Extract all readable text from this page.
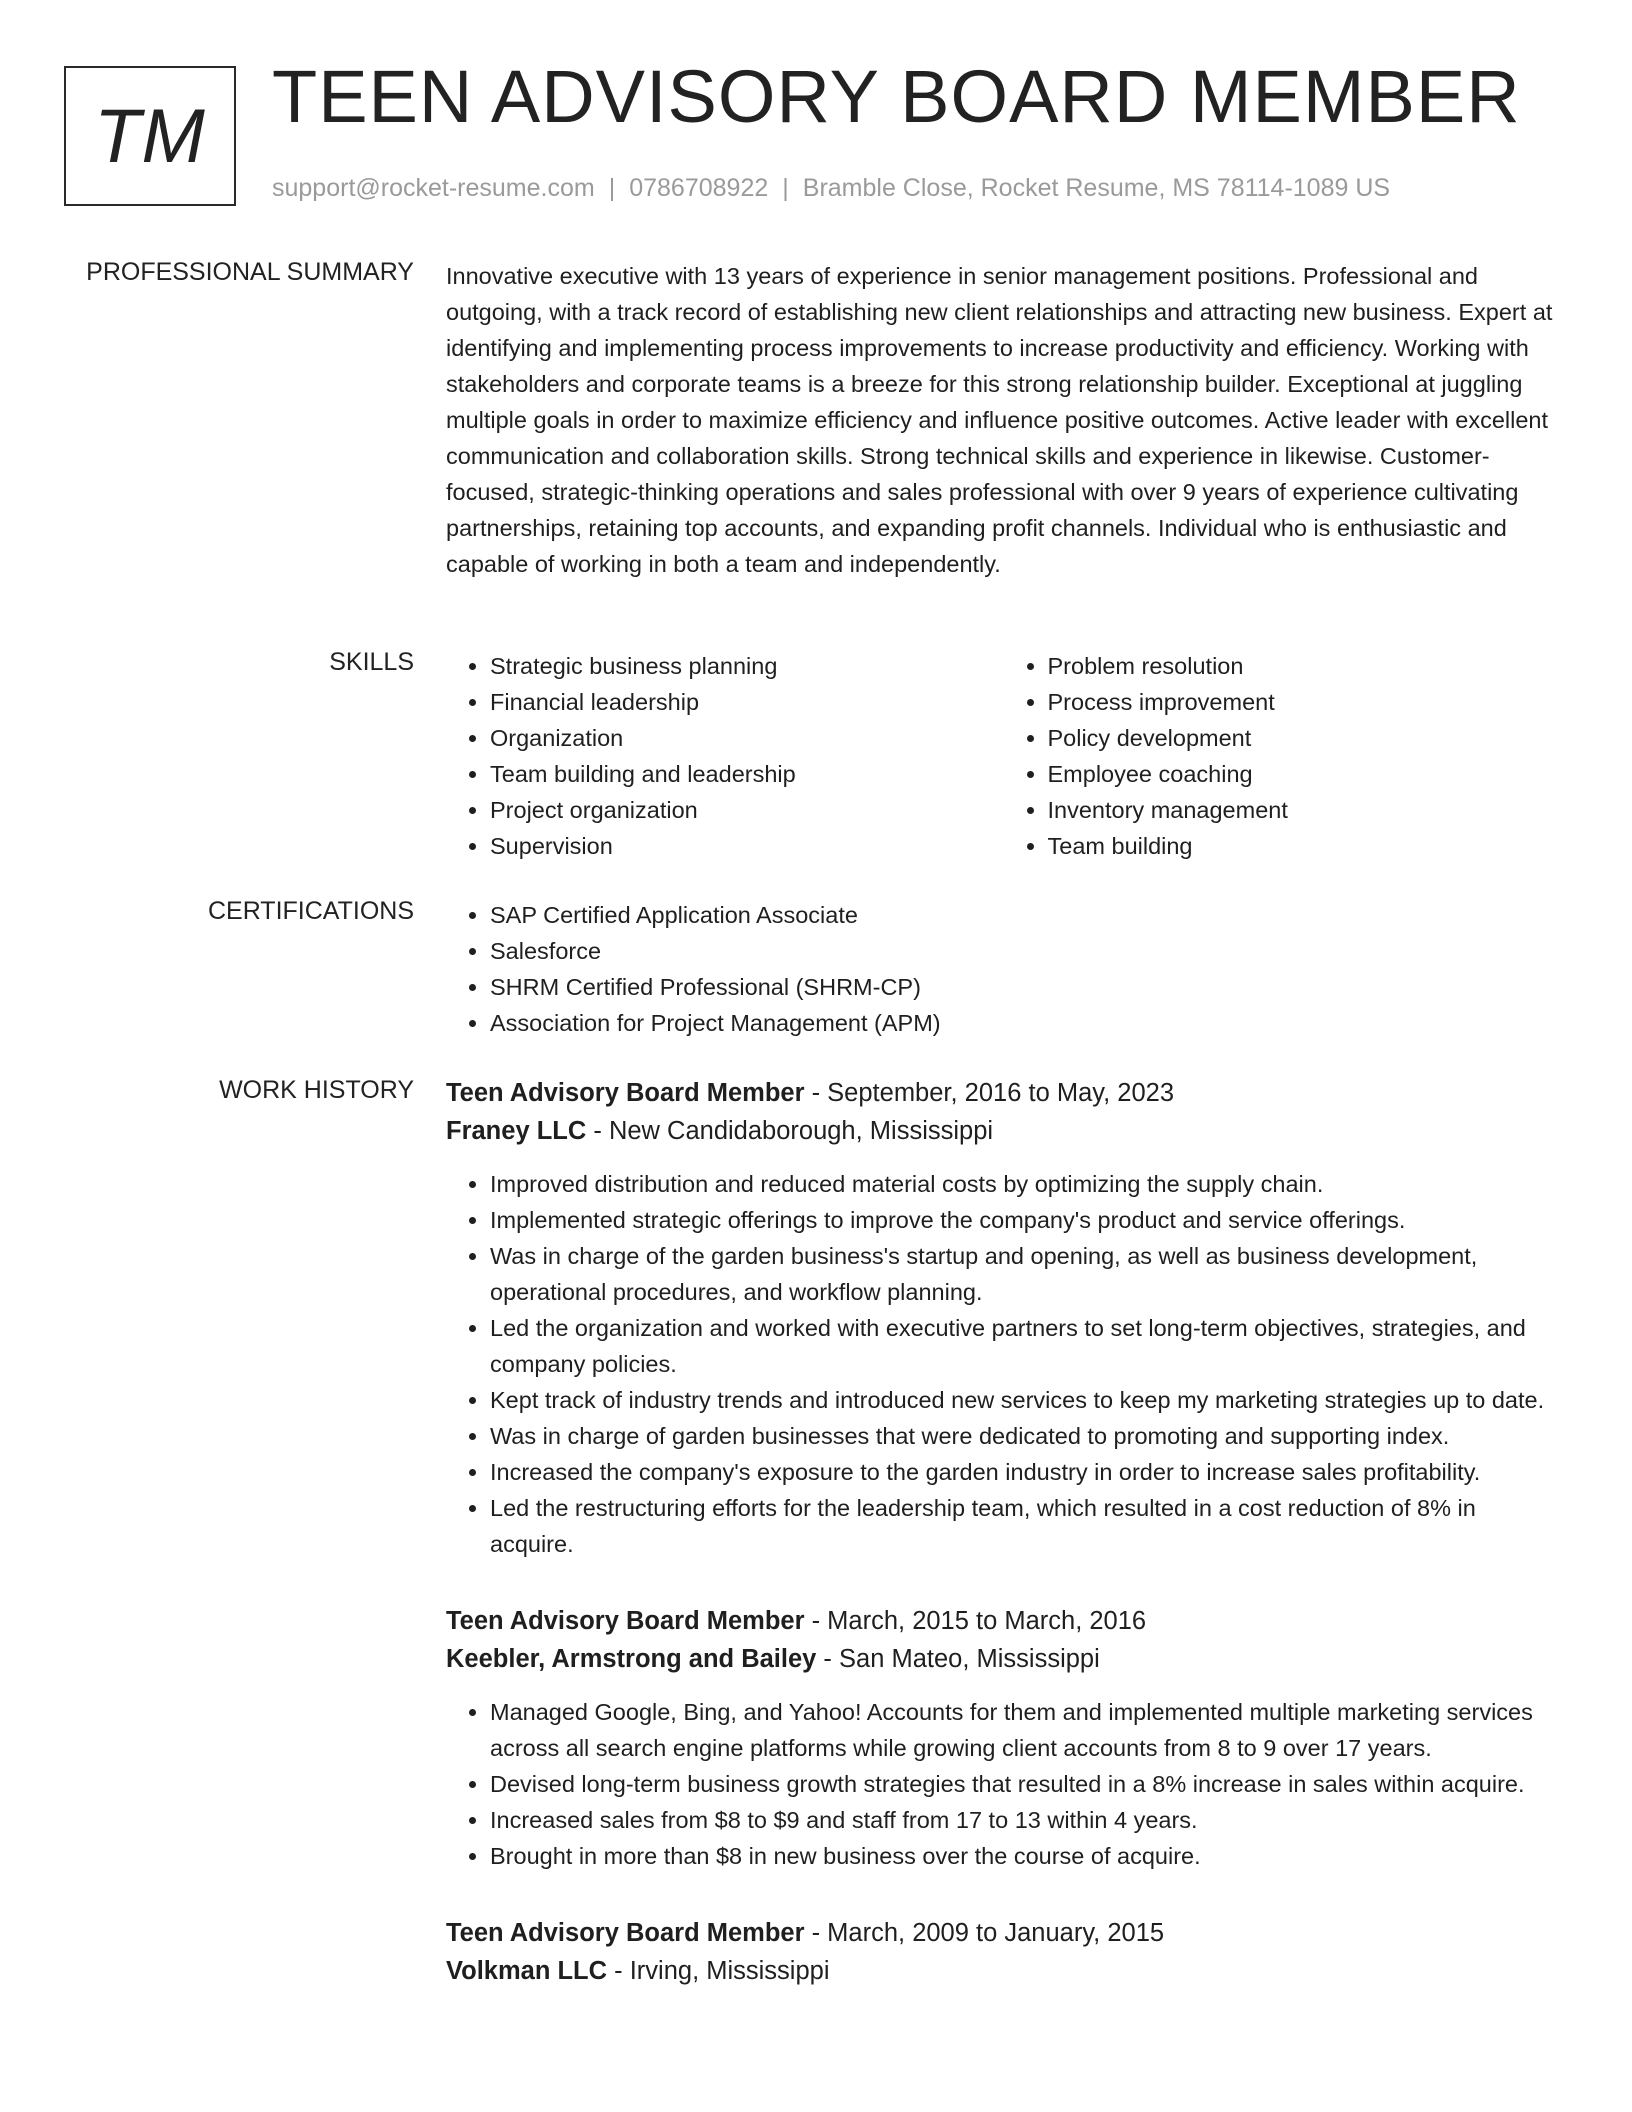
TM TEEN ADVISORY BOARD MEMBER
support@rocket-resume.com | 0786708922 | Bramble Close, Rocket Resume, MS 78114-1089 US
PROFESSIONAL SUMMARY Innovative executive with 13 years of experience in senior management positions. Professional and outgoing, with a track record of establishing new client relationships and attracting new business. Expert at identifying and implementing process improvements to increase productivity and efficiency. Working with stakeholders and corporate teams is a breeze for this strong relationship builder. Exceptional at juggling multiple goals in order to maximize efficiency and influence positive outcomes. Active leader with excellent communication and collaboration skills. Strong technical skills and experience in likewise. Customer-focused, strategic-thinking operations and sales professional with over 9 years of experience cultivating partnerships, retaining top accounts, and expanding profit channels. Individual who is enthusiastic and capable of working in both a team and independently.

SKILLS	• Strategic business planning
• Financial leadership
• Organization
• Team building and leadership
• Project organization
• Supervision
• Problem resolution
• Process improvement
• Policy development
• Employee coaching
• Inventory management
• Team building
CERTIFICATIONS	• SAP Certified Application Associate
• Salesforce
• SHRM Certified Professional (SHRM-CP)
• Association for Project Management (APM)
WORK HISTORY Teen Advisory Board Member - September, 2016 to May, 2023
Franey LLC - New Candidaborough, Mississippi
• Improved distribution and reduced material costs by optimizing the supply chain.
• Implemented strategic offerings to improve the company's product and service offerings.
• Was in charge of the garden business's startup and opening, as well as business development, operational procedures, and workflow planning.
• Led the organization and worked with executive partners to set long-term objectives, strategies, and company policies.
• Kept track of industry trends and introduced new services to keep my marketing strategies up to date.
• Was in charge of garden businesses that were dedicated to promoting and supporting index.
• Increased the company's exposure to the garden industry in order to increase sales profitability.
• Led the restructuring efforts for the leadership team, which resulted in a cost reduction of 8% in acquire.
Teen Advisory Board Member - March, 2015 to March, 2016
Keebler, Armstrong and Bailey - San Mateo, Mississippi
• Managed Google, Bing, and Yahoo! Accounts for them and implemented multiple marketing services across all search engine platforms while growing client accounts from 8 to 9 over 17 years.
• Devised long-term business growth strategies that resulted in a 8% increase in sales within acquire.
• Increased sales from $8 to $9 and staff from 17 to 13 within 4 years.
• Brought in more than $8 in new business over the course of acquire.
Teen Advisory Board Member - March, 2009 to January, 2015
Volkman LLC - Irving, Mississippi
